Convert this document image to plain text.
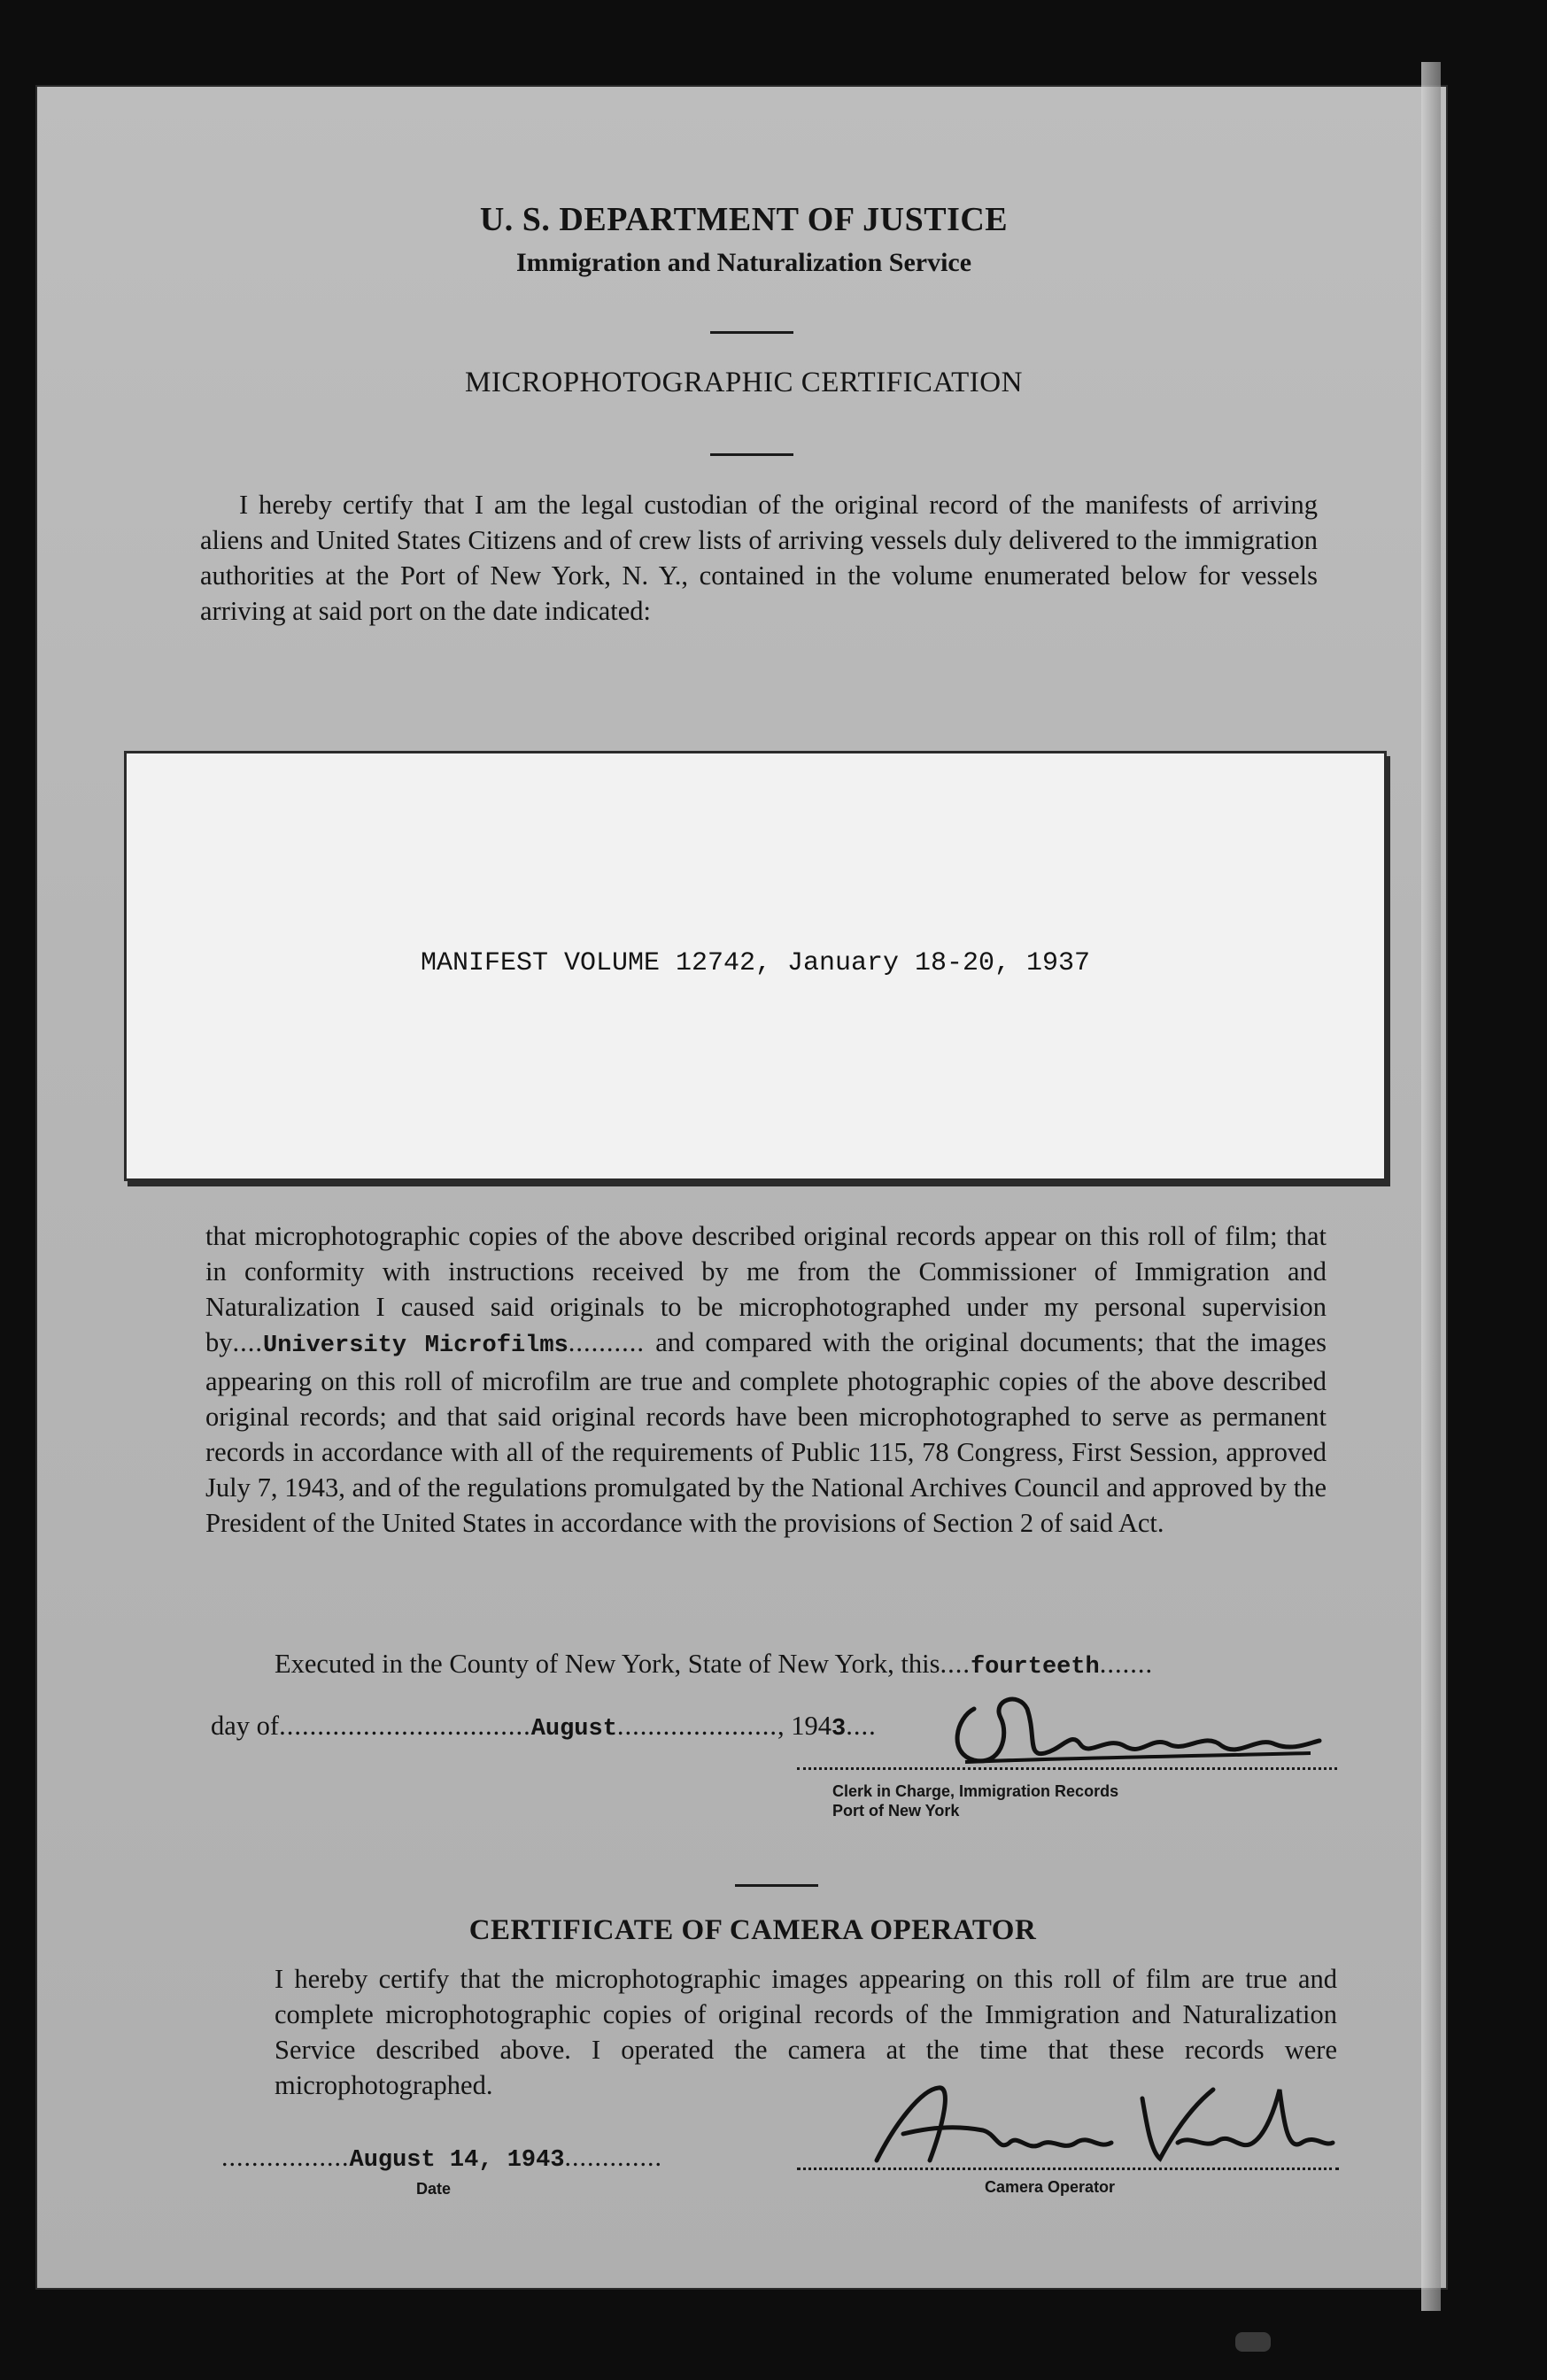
U. S. DEPARTMENT OF JUSTICE
Immigration and Naturalization Service
MICROPHOTOGRAPHIC CERTIFICATION
I hereby certify that I am the legal custodian of the original record of the manifests of arriving aliens and United States Citizens and of crew lists of arriving vessels duly delivered to the immigration authorities at the Port of New York, N. Y., contained in the volume enumerated below for vessels arriving at said port on the date indicated:
MANIFEST VOLUME 12742, January 18-20, 1937
that microphotographic copies of the above described original records appear on this roll of film; that in conformity with instructions received by me from the Commissioner of Immigration and Naturalization I caused said originals to be microphotographed under my personal supervision by....University Microfilms.......... and compared with the original documents; that the images appearing on this roll of microfilm are true and complete photographic copies of the above described original records; and that said original records have been microphotographed to serve as permanent records in accordance with all of the requirements of Public 115, 78 Congress, First Session, approved July 7, 1943, and of the regulations promulgated by the National Archives Council and approved by the President of the United States in accordance with the provisions of Section 2 of said Act.
Executed in the County of New York, State of New York, this....fourteeth.......
day of.................................August....................., 1943....
Clerk in Charge, Immigration Records
Port of New York
CERTIFICATE OF CAMERA OPERATOR
I hereby certify that the microphotographic images appearing on this roll of film are true and complete microphotographic copies of original records of the Immigration and Naturalization Service described above. I operated the camera at the time that these records were microphotographed.
.................August 14, 1943.............
Date	Camera Operator
